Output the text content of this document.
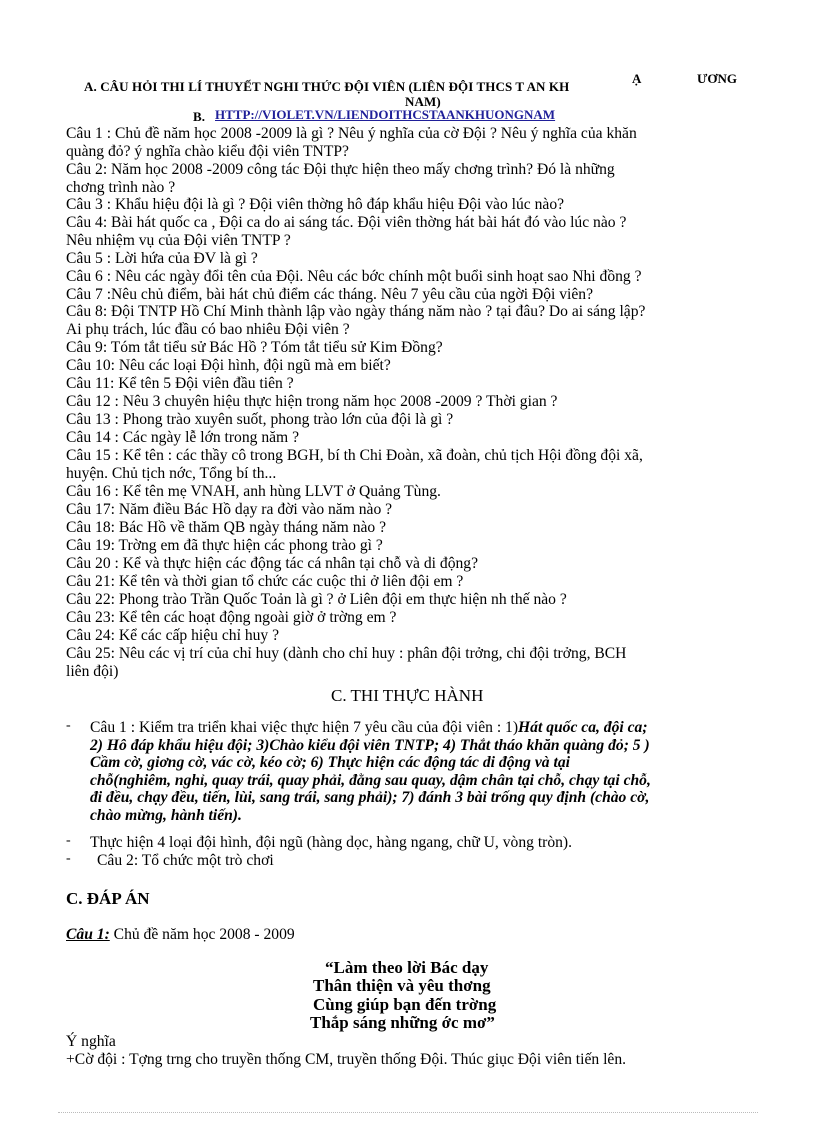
A. CÂU HỎI THI LÍ THUYẾT NGHI THỨC ĐỘI VIÊN (LIÊN ĐỘI THCS T AN KH
Ạ	ƯƠNG
NAM)
B. HTTP://VIOLET.VN/LIENDOITHCSTAANKHUONGNAM
Câu 1 : Chủ đề năm học 2008 -2009 là gì ? Nêu ý nghĩa của cờ Đội ? Nêu ý nghĩa của khăn
quàng đỏ? ý nghĩa chào kiểu đội viên TNTP?
Câu 2: Năm học 2008 -2009 công tác Đội thực hiện theo mấy chơng trình? Đó là những
chơng trình nào ?
Câu 3 : Khẩu hiệu đội là gì ? Đội viên thờng hô đáp khẩu hiệu Đội vào lúc nào?
Câu 4: Bài hát quốc ca , Đội ca do ai sáng tác. Đội viên thờng hát bài hát đó vào lúc nào ?
Nêu nhiệm vụ của Đội viên TNTP ?
Câu 5 : Lời hứa của ĐV là gì ?
Câu 6 : Nêu các ngày đổi tên của Đội. Nêu các bớc chính một buổi sinh hoạt sao Nhi đồng ?
Câu 7 :Nêu chủ điểm, bài hát chủ điểm các tháng. Nêu 7 yêu cầu của ngời Đội viên?
Câu 8: Đội TNTP Hồ Chí Minh thành lập vào ngày tháng năm nào ? tại đâu? Do ai sáng lập?
Ai phụ trách, lúc đầu có bao nhiêu Đội viên ?
Câu 9: Tóm tắt tiểu sử Bác Hồ ? Tóm tắt tiểu sử Kim Đồng?
Câu 10: Nêu các loại Đội hình, đội ngũ mà em biết?
Câu 11: Kể tên 5 Đội viên đầu tiên ?
Câu 12 : Nêu 3 chuyên hiệu thực hiện trong năm học 2008 -2009 ? Thời gian ?
Câu 13 : Phong trào xuyên suốt, phong trào lớn của đội là gì ?
Câu 14 : Các ngày lễ lớn trong năm ?
Câu 15 : Kể tên : các thầy cô trong BGH, bí th Chi Đoàn, xã đoàn, chủ tịch Hội đồng đội xã,
huyện. Chủ tịch nớc, Tổng bí th...
Câu 16 : Kể tên mẹ VNAH, anh hùng LLVT ở Quảng Tùng.
Câu 17: Năm điều Bác Hồ dạy ra đời vào năm nào ?
Câu 18: Bác Hồ về thăm QB ngày tháng năm nào ?
Câu 19: Trờng em đã thực hiện các phong trào gì ?
Câu 20 : Kể và thực hiện các động tác cá nhân tại chỗ và di động?
Câu 21: Kể tên và thời gian tổ chức các cuộc thi ở liên đội em ?
Câu 22: Phong trào Trần Quốc Toản là gì ? ở Liên đội em thực hiện nh thế nào ?
Câu 23: Kể tên các hoạt động ngoài giờ ở trờng em ?
Câu 24: Kể các cấp hiệu chỉ huy ?
Câu 25: Nêu các vị trí của chỉ huy (dành cho chỉ huy : phân đội trởng, chi đội trởng, BCH
liên đội)
C. THI THỰC HÀNH
- Câu 1 : Kiểm tra triển khai việc thực hiện 7 yêu cầu của đội viên : 1)Hát quốc ca, đội ca;
2) Hô đáp khẩu hiệu đội; 3)Chào kiểu đội viên TNTP; 4) Thắt tháo khăn quàng đỏ; 5 )
Cầm cờ, giơng cờ, vác cờ, kéo cờ; 6) Thực hiện các động tác di động và tại
chỗ(nghiêm, nghỉ, quay trái, quay phải, đằng sau quay, dậm chân tại chỗ, chạy tại chỗ,
đi đều, chạy đều, tiến, lùi, sang trái, sang phải); 7) đánh 3 bài trống quy định (chào cờ,
chào mừng, hành tiến).
- Thực hiện 4 loại đội hình, đội ngũ (hàng dọc, hàng ngang, chữ U, vòng tròn).
- Câu 2: Tổ chức một trò chơi
C. ĐÁP ÁN
Câu 1: Chủ đề năm học 2008 - 2009
“Làm theo lời Bác dạy
Thân thiện và yêu thơng
Cùng giúp bạn đến trờng
Thắp sáng những ớc mơ”
Ý nghĩa
+Cờ đội : Tợng trng cho truyền thống CM, truyền thống Đội. Thúc giục Đội viên tiến lên.
